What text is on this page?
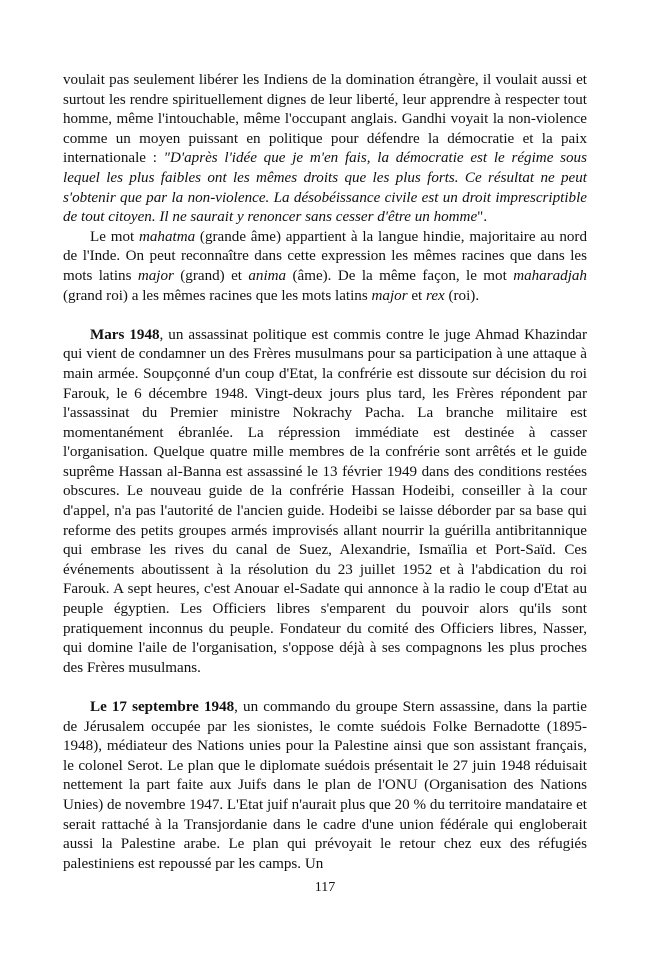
voulait pas seulement libérer les Indiens de la domination étrangère, il voulait aussi et surtout les rendre spirituellement dignes de leur liberté, leur apprendre à respecter tout homme, même l'intouchable, même l'occupant anglais. Gandhi voyait la non-violence comme un moyen puissant en politique pour défendre la démocratie et la paix internationale : "D'après l'idée que je m'en fais, la démocratie est le régime sous lequel les plus faibles ont les mêmes droits que les plus forts. Ce résultat ne peut s'obtenir que par la non-violence. La désobéissance civile est un droit imprescriptible de tout citoyen. Il ne saurait y renoncer sans cesser d'être un homme".

Le mot mahatma (grande âme) appartient à la langue hindie, majoritaire au nord de l'Inde. On peut reconnaître dans cette expression les mêmes racines que dans les mots latins major (grand) et anima (âme). De la même façon, le mot maharadjah (grand roi) a les mêmes racines que les mots latins major et rex (roi).

Mars 1948, un assassinat politique est commis contre le juge Ahmad Khazindar qui vient de condamner un des Frères musulmans pour sa participation à une attaque à main armée. Soupçonné d'un coup d'Etat, la confrérie est dissoute sur décision du roi Farouk, le 6 décembre 1948. Vingt-deux jours plus tard, les Frères répondent par l'assassinat du Premier ministre Nokrachy Pacha. La branche militaire est momentanément ébranlée. La répression immédiate est destinée à casser l'organisation. Quelque quatre mille membres de la confrérie sont arrêtés et le guide suprême Hassan al-Banna est assassiné le 13 février 1949 dans des conditions restées obscures. Le nouveau guide de la confrérie Hassan Hodeibi, conseiller à la cour d'appel, n'a pas l'autorité de l'ancien guide. Hodeibi se laisse déborder par sa base qui reforme des petits groupes armés improvisés allant nourrir la guérilla antibritannique qui embrase les rives du canal de Suez, Alexandrie, Ismaïlia et Port-Saïd. Ces événements aboutissent à la résolution du 23 juillet 1952 et à l'abdication du roi Farouk. A sept heures, c'est Anouar el-Sadate qui annonce à la radio le coup d'Etat au peuple égyptien. Les Officiers libres s'emparent du pouvoir alors qu'ils sont pratiquement inconnus du peuple. Fondateur du comité des Officiers libres, Nasser, qui domine l'aile de l'organisation, s'oppose déjà à ses compagnons les plus proches des Frères musulmans.

Le 17 septembre 1948, un commando du groupe Stern assassine, dans la partie de Jérusalem occupée par les sionistes, le comte suédois Folke Bernadotte (1895-1948), médiateur des Nations unies pour la Palestine ainsi que son assistant français, le colonel Serot. Le plan que le diplomate suédois présentait le 27 juin 1948 réduisait nettement la part faite aux Juifs dans le plan de l'ONU (Organisation des Nations Unies) de novembre 1947. L'Etat juif n'aurait plus que 20 % du territoire mandataire et serait rattaché à la Transjordanie dans le cadre d'une union fédérale qui engloberait aussi la Palestine arabe. Le plan qui prévoyait le retour chez eux des réfugiés palestiniens est repoussé par les camps. Un

117
